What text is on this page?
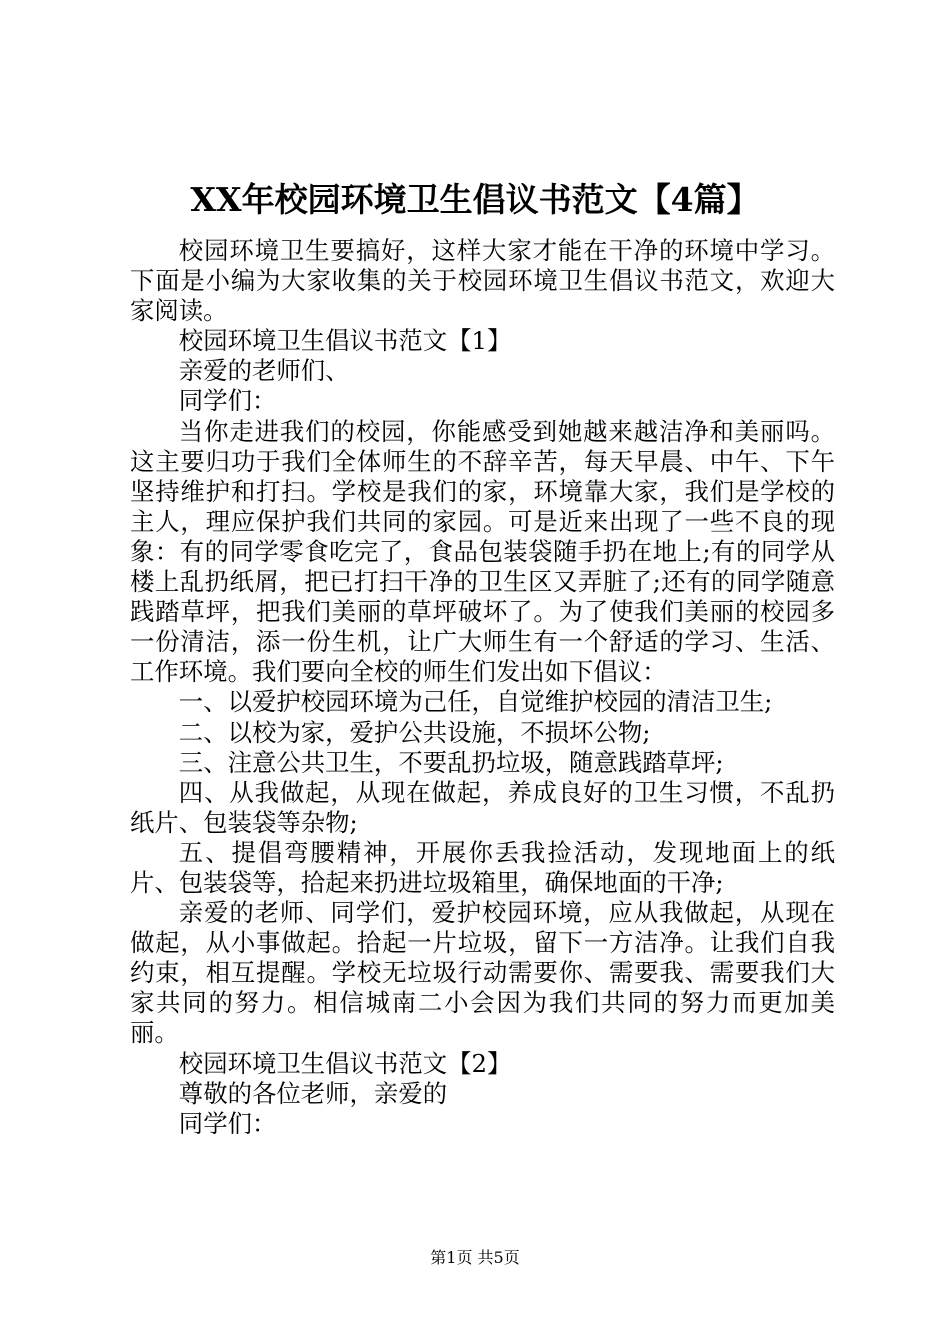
XX年校园环境卫生倡议书范文【4篇】

校园环境卫生要搞好，这样大家才能在干净的环境中学习。下面是小编为大家收集的关于校园环境卫生倡议书范文，欢迎大家阅读。

校园环境卫生倡议书范文【1】

亲爱的老师们、

同学们：

当你走进我们的校园，你能感受到她越来越洁净和美丽吗。这主要归功于我们全体师生的不辞辛苦，每天早晨、中午、下午坚持维护和打扫。学校是我们的家，环境靠大家，我们是学校的主人，理应保护我们共同的家园。可是近来出现了一些不良的现象：有的同学零食吃完了，食品包装袋随手扔在地上;有的同学从楼上乱扔纸屑，把已打扫干净的卫生区又弄脏了;还有的同学随意践踏草坪，把我们美丽的草坪破坏了。为了使我们美丽的校园多一份清洁，添一份生机，让广大师生有一个舒适的学习、生活、工作环境。我们要向全校的师生们发出如下倡议：

一、以爱护校园环境为己任，自觉维护校园的清洁卫生;

二、以校为家，爱护公共设施，不损坏公物;

三、注意公共卫生，不要乱扔垃圾，随意践踏草坪;

四、从我做起，从现在做起，养成良好的卫生习惯，不乱扔纸片、包装袋等杂物;

五、提倡弯腰精神，开展你丢我捡活动，发现地面上的纸片、包装袋等，拾起来扔进垃圾箱里，确保地面的干净;

亲爱的老师、同学们，爱护校园环境，应从我做起，从现在做起，从小事做起。拾起一片垃圾，留下一方洁净。让我们自我约束，相互提醒。学校无垃圾行动需要你、需要我、需要我们大家共同的努力。相信城南二小会因为我们共同的努力而更加美丽。

校园环境卫生倡议书范文【2】

尊敬的各位老师，亲爱的

同学们：

第1页 共5页
